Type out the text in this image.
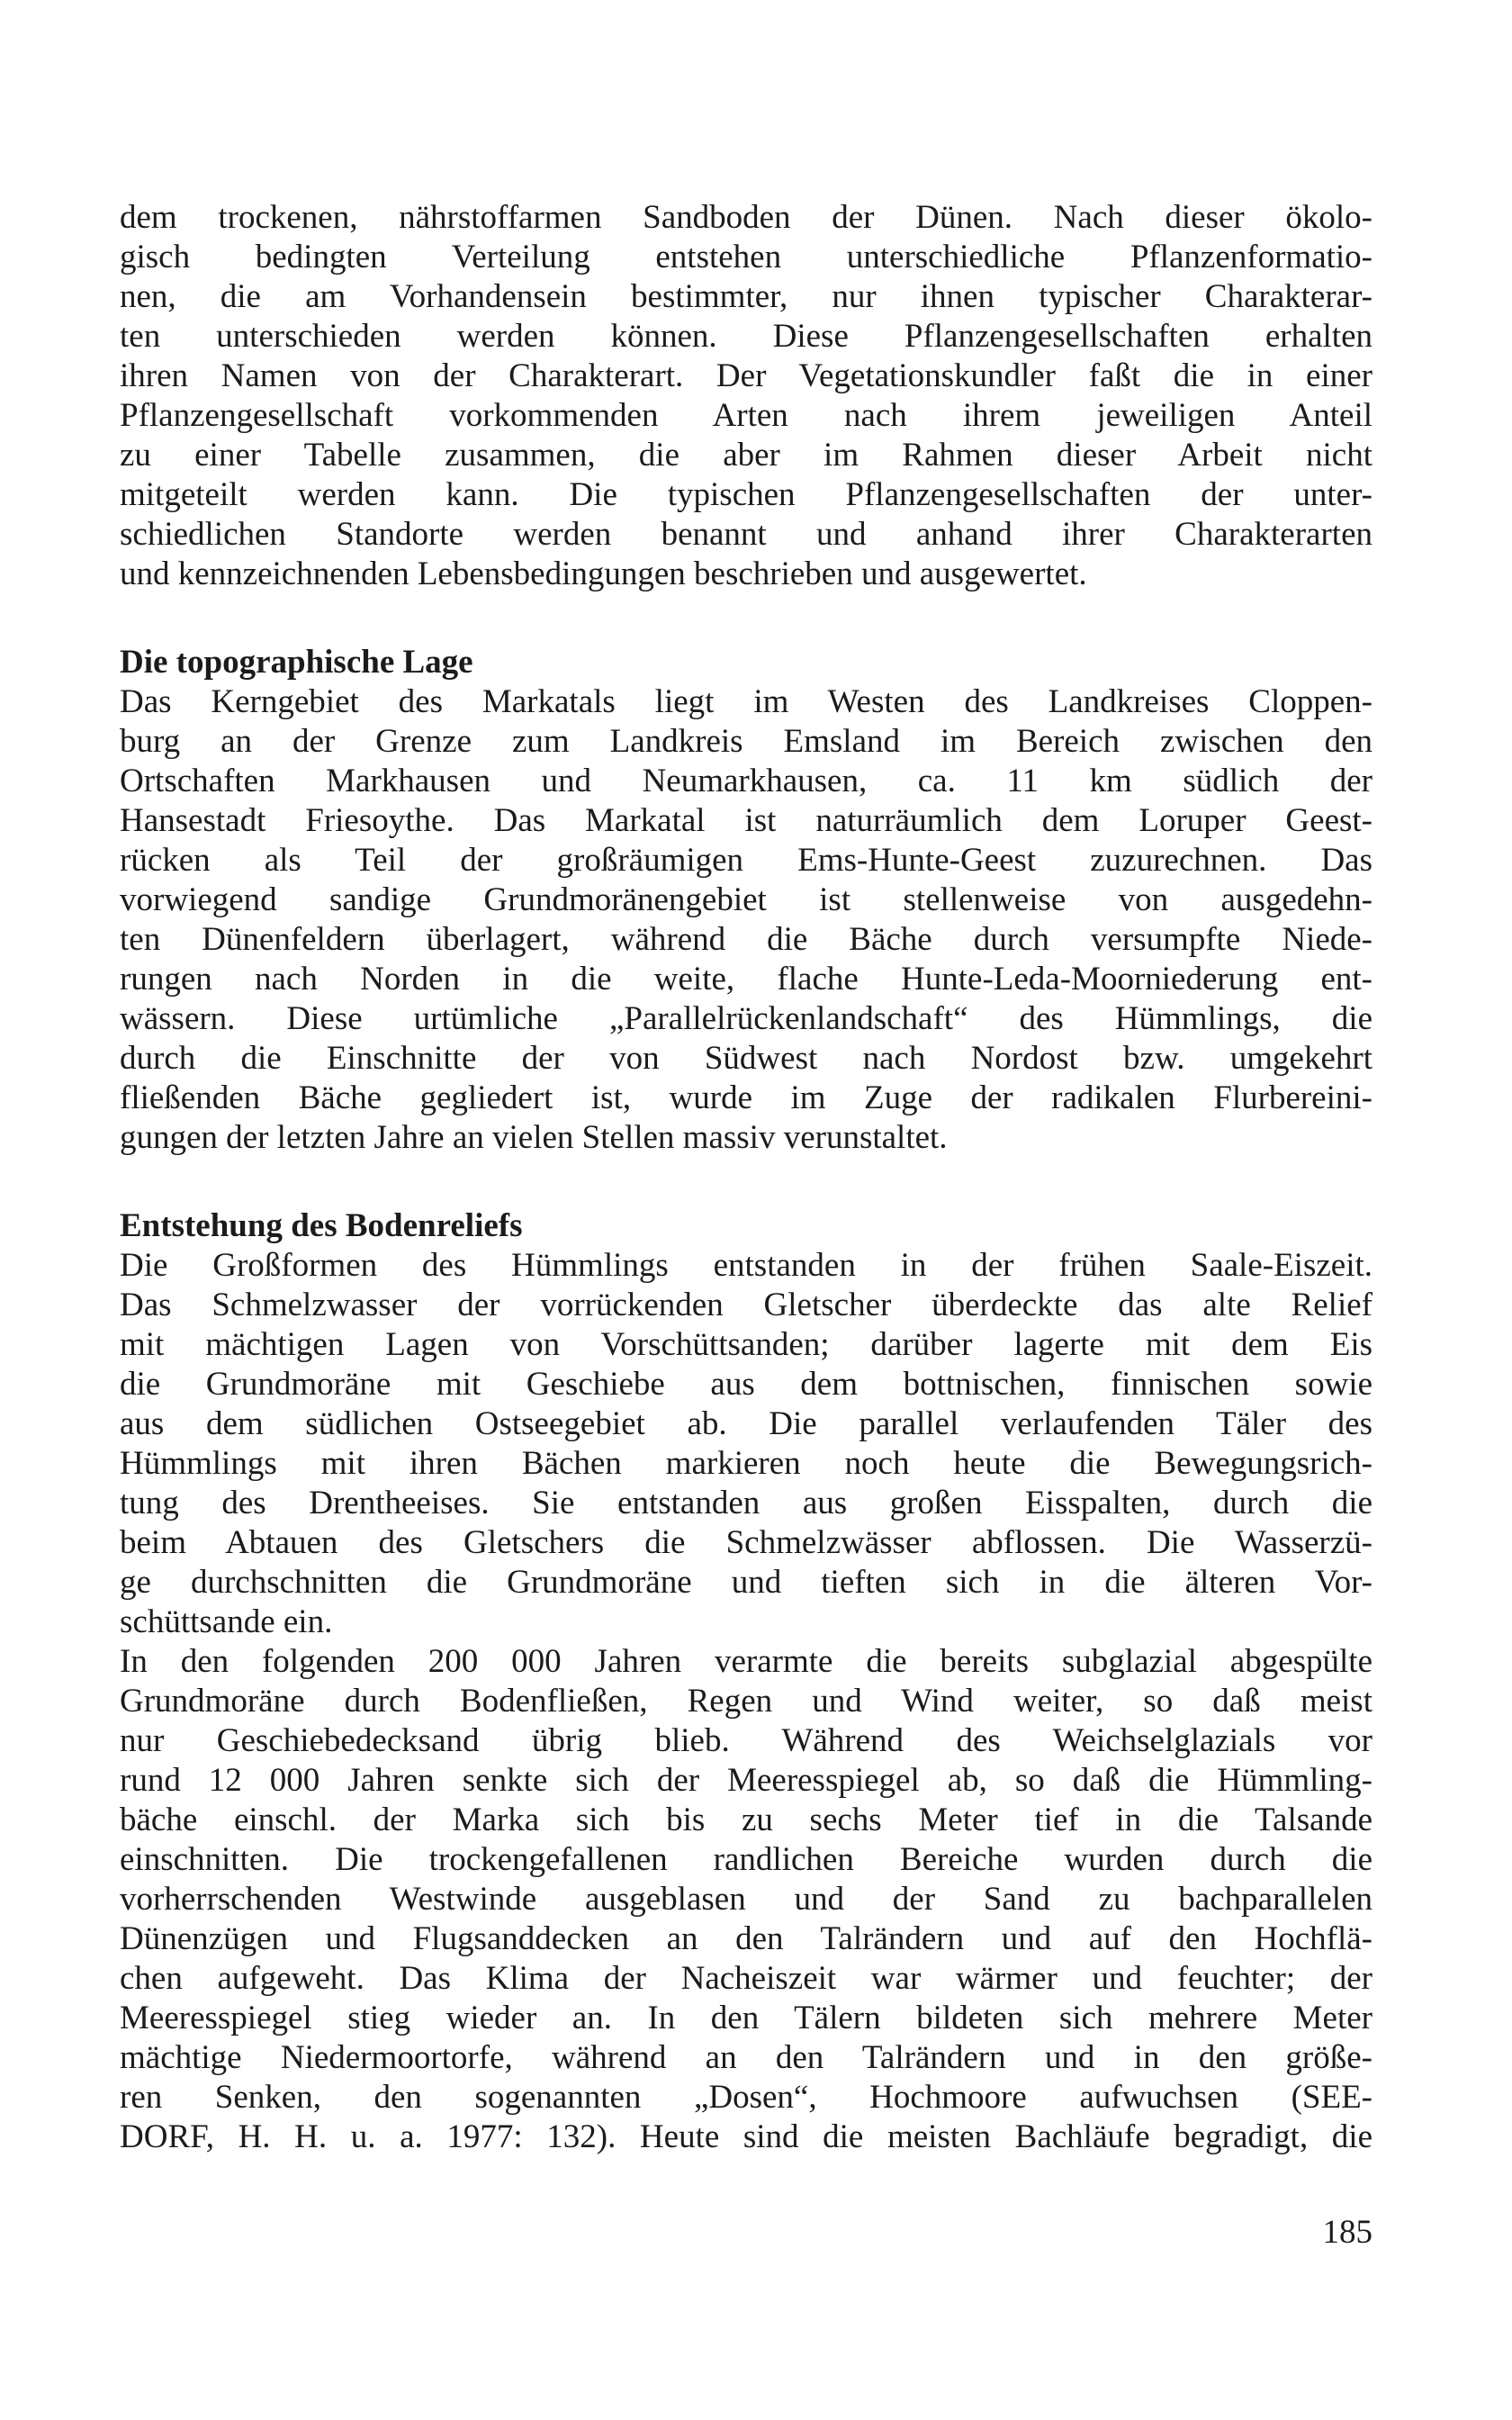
dem trockenen, nährstoffarmen Sandboden der Dünen. Nach dieser ökolo-
gisch bedingten Verteilung entstehen unterschiedliche Pflanzenformatio-
nen, die am Vorhandensein bestimmter, nur ihnen typischer Charakterar-
ten unterschieden werden können. Diese Pflanzengesellschaften erhalten
ihren Namen von der Charakterart. Der Vegetationskundler faßt die in einer
Pflanzengesellschaft vorkommenden Arten nach ihrem jeweiligen Anteil
zu einer Tabelle zusammen, die aber im Rahmen dieser Arbeit nicht
mitgeteilt werden kann. Die typischen Pflanzengesellschaften der unter-
schiedlichen Standorte werden benannt und anhand ihrer Charakterarten
und kennzeichnenden Lebensbedingungen beschrieben und ausgewertet.
Die topographische Lage
Das Kerngebiet des Markatals liegt im Westen des Landkreises Cloppen-
burg an der Grenze zum Landkreis Emsland im Bereich zwischen den
Ortschaften Markhausen und Neumarkhausen, ca. 11 km südlich der
Hansestadt Friesoythe. Das Markatal ist naturräumlich dem Loruper Geest-
rücken als Teil der großräumigen Ems-Hunte-Geest zuzurechnen. Das
vorwiegend sandige Grundmoränengebiet ist stellenweise von ausgedehn-
ten Dünenfeldern überlagert, während die Bäche durch versumpfte Niede-
rungen nach Norden in die weite, flache Hunte-Leda-Moorniederung ent-
wässern. Diese urtümliche „Parallelrückenlandschaft“ des Hümmlings, die
durch die Einschnitte der von Südwest nach Nordost bzw. umgekehrt
fließenden Bäche gegliedert ist, wurde im Zuge der radikalen Flurbereini-
gungen der letzten Jahre an vielen Stellen massiv verunstaltet.
Entstehung des Bodenreliefs
Die Großformen des Hümmlings entstanden in der frühen Saale-Eiszeit.
Das Schmelzwasser der vorrückenden Gletscher überdeckte das alte Relief
mit mächtigen Lagen von Vorschüttsanden; darüber lagerte mit dem Eis
die Grundmoräne mit Geschiebe aus dem bottnischen, finnischen sowie
aus dem südlichen Ostseegebiet ab. Die parallel verlaufenden Täler des
Hümmlings mit ihren Bächen markieren noch heute die Bewegungsrich-
tung des Drentheeises. Sie entstanden aus großen Eisspalten, durch die
beim Abtauen des Gletschers die Schmelzwässer abflossen. Die Wasserzü-
ge durchschnitten die Grundmoräne und tieften sich in die älteren Vor-
schüttsande ein.
In den folgenden 200 000 Jahren verarmte die bereits subglazial abgespülte
Grundmoräne durch Bodenfließen, Regen und Wind weiter, so daß meist
nur Geschiebedecksand übrig blieb. Während des Weichselglazials vor
rund 12 000 Jahren senkte sich der Meeresspiegel ab, so daß die Hümmling-
bäche einschl. der Marka sich bis zu sechs Meter tief in die Talsande
einschnitten. Die trockengefallenen randlichen Bereiche wurden durch die
vorherrschenden Westwinde ausgeblasen und der Sand zu bachparallelen
Dünenzügen und Flugsanddecken an den Talrändern und auf den Hochflä-
chen aufgeweht. Das Klima der Nacheiszeit war wärmer und feuchter; der
Meeresspiegel stieg wieder an. In den Tälern bildeten sich mehrere Meter
mächtige Niedermoortorfe, während an den Talrändern und in den größe-
ren Senken, den sogenannten „Dosen“, Hochmoore aufwuchsen (SEE-
DORF, H. H. u. a. 1977: 132). Heute sind die meisten Bachläufe begradigt, die
185
